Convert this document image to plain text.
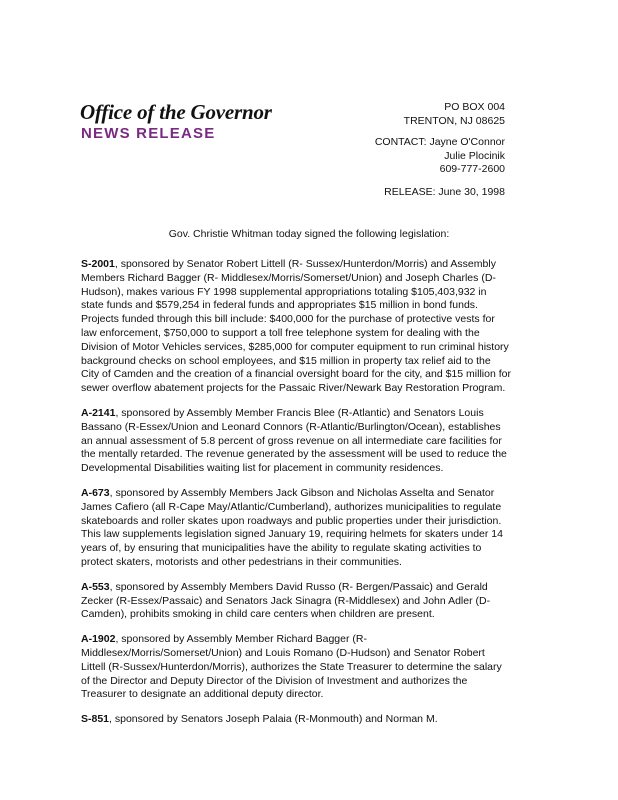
Office of the Governor
NEWS RELEASE
PO BOX 004
TRENTON, NJ 08625
CONTACT: Jayne O'Connor
Julie Plocinik
609-777-2600
RELEASE: June 30, 1998
Gov. Christie Whitman today signed the following legislation:

S-2001, sponsored by Senator Robert Littell (R- Sussex/Hunterdon/Morris) and Assembly Members Richard Bagger (R- Middlesex/Morris/Somerset/Union) and Joseph Charles (D-Hudson), makes various FY 1998 supplemental appropriations totaling $105,403,932 in state funds and $579,254 in federal funds and appropriates $15 million in bond funds. Projects funded through this bill include: $400,000 for the purchase of protective vests for law enforcement, $750,000 to support a toll free telephone system for dealing with the Division of Motor Vehicles services, $285,000 for computer equipment to run criminal history background checks on school employees, and $15 million in property tax relief aid to the City of Camden and the creation of a financial oversight board for the city, and $15 million for sewer overflow abatement projects for the Passaic River/Newark Bay Restoration Program.

A-2141, sponsored by Assembly Member Francis Blee (R-Atlantic) and Senators Louis Bassano (R-Essex/Union and Leonard Connors (R-Atlantic/Burlington/Ocean), establishes an annual assessment of 5.8 percent of gross revenue on all intermediate care facilities for the mentally retarded. The revenue generated by the assessment will be used to reduce the Developmental Disabilities waiting list for placement in community residences.

A-673, sponsored by Assembly Members Jack Gibson and Nicholas Asselta and Senator James Cafiero (all R-Cape May/Atlantic/Cumberland), authorizes municipalities to regulate skateboards and roller skates upon roadways and public properties under their jurisdiction. This law supplements legislation signed January 19, requiring helmets for skaters under 14 years of, by ensuring that municipalities have the ability to regulate skating activities to protect skaters, motorists and other pedestrians in their communities.

A-553, sponsored by Assembly Members David Russo (R- Bergen/Passaic) and Gerald Zecker (R-Essex/Passaic) and Senators Jack Sinagra (R-Middlesex) and John Adler (D-Camden), prohibits smoking in child care centers when children are present.

A-1902, sponsored by Assembly Member Richard Bagger (R-Middlesex/Morris/Somerset/Union) and Louis Romano (D-Hudson) and Senator Robert Littell (R-Sussex/Hunterdon/Morris), authorizes the State Treasurer to determine the salary of the Director and Deputy Director of the Division of Investment and authorizes the Treasurer to designate an additional deputy director.

S-851, sponsored by Senators Joseph Palaia (R-Monmouth) and Norman M.
